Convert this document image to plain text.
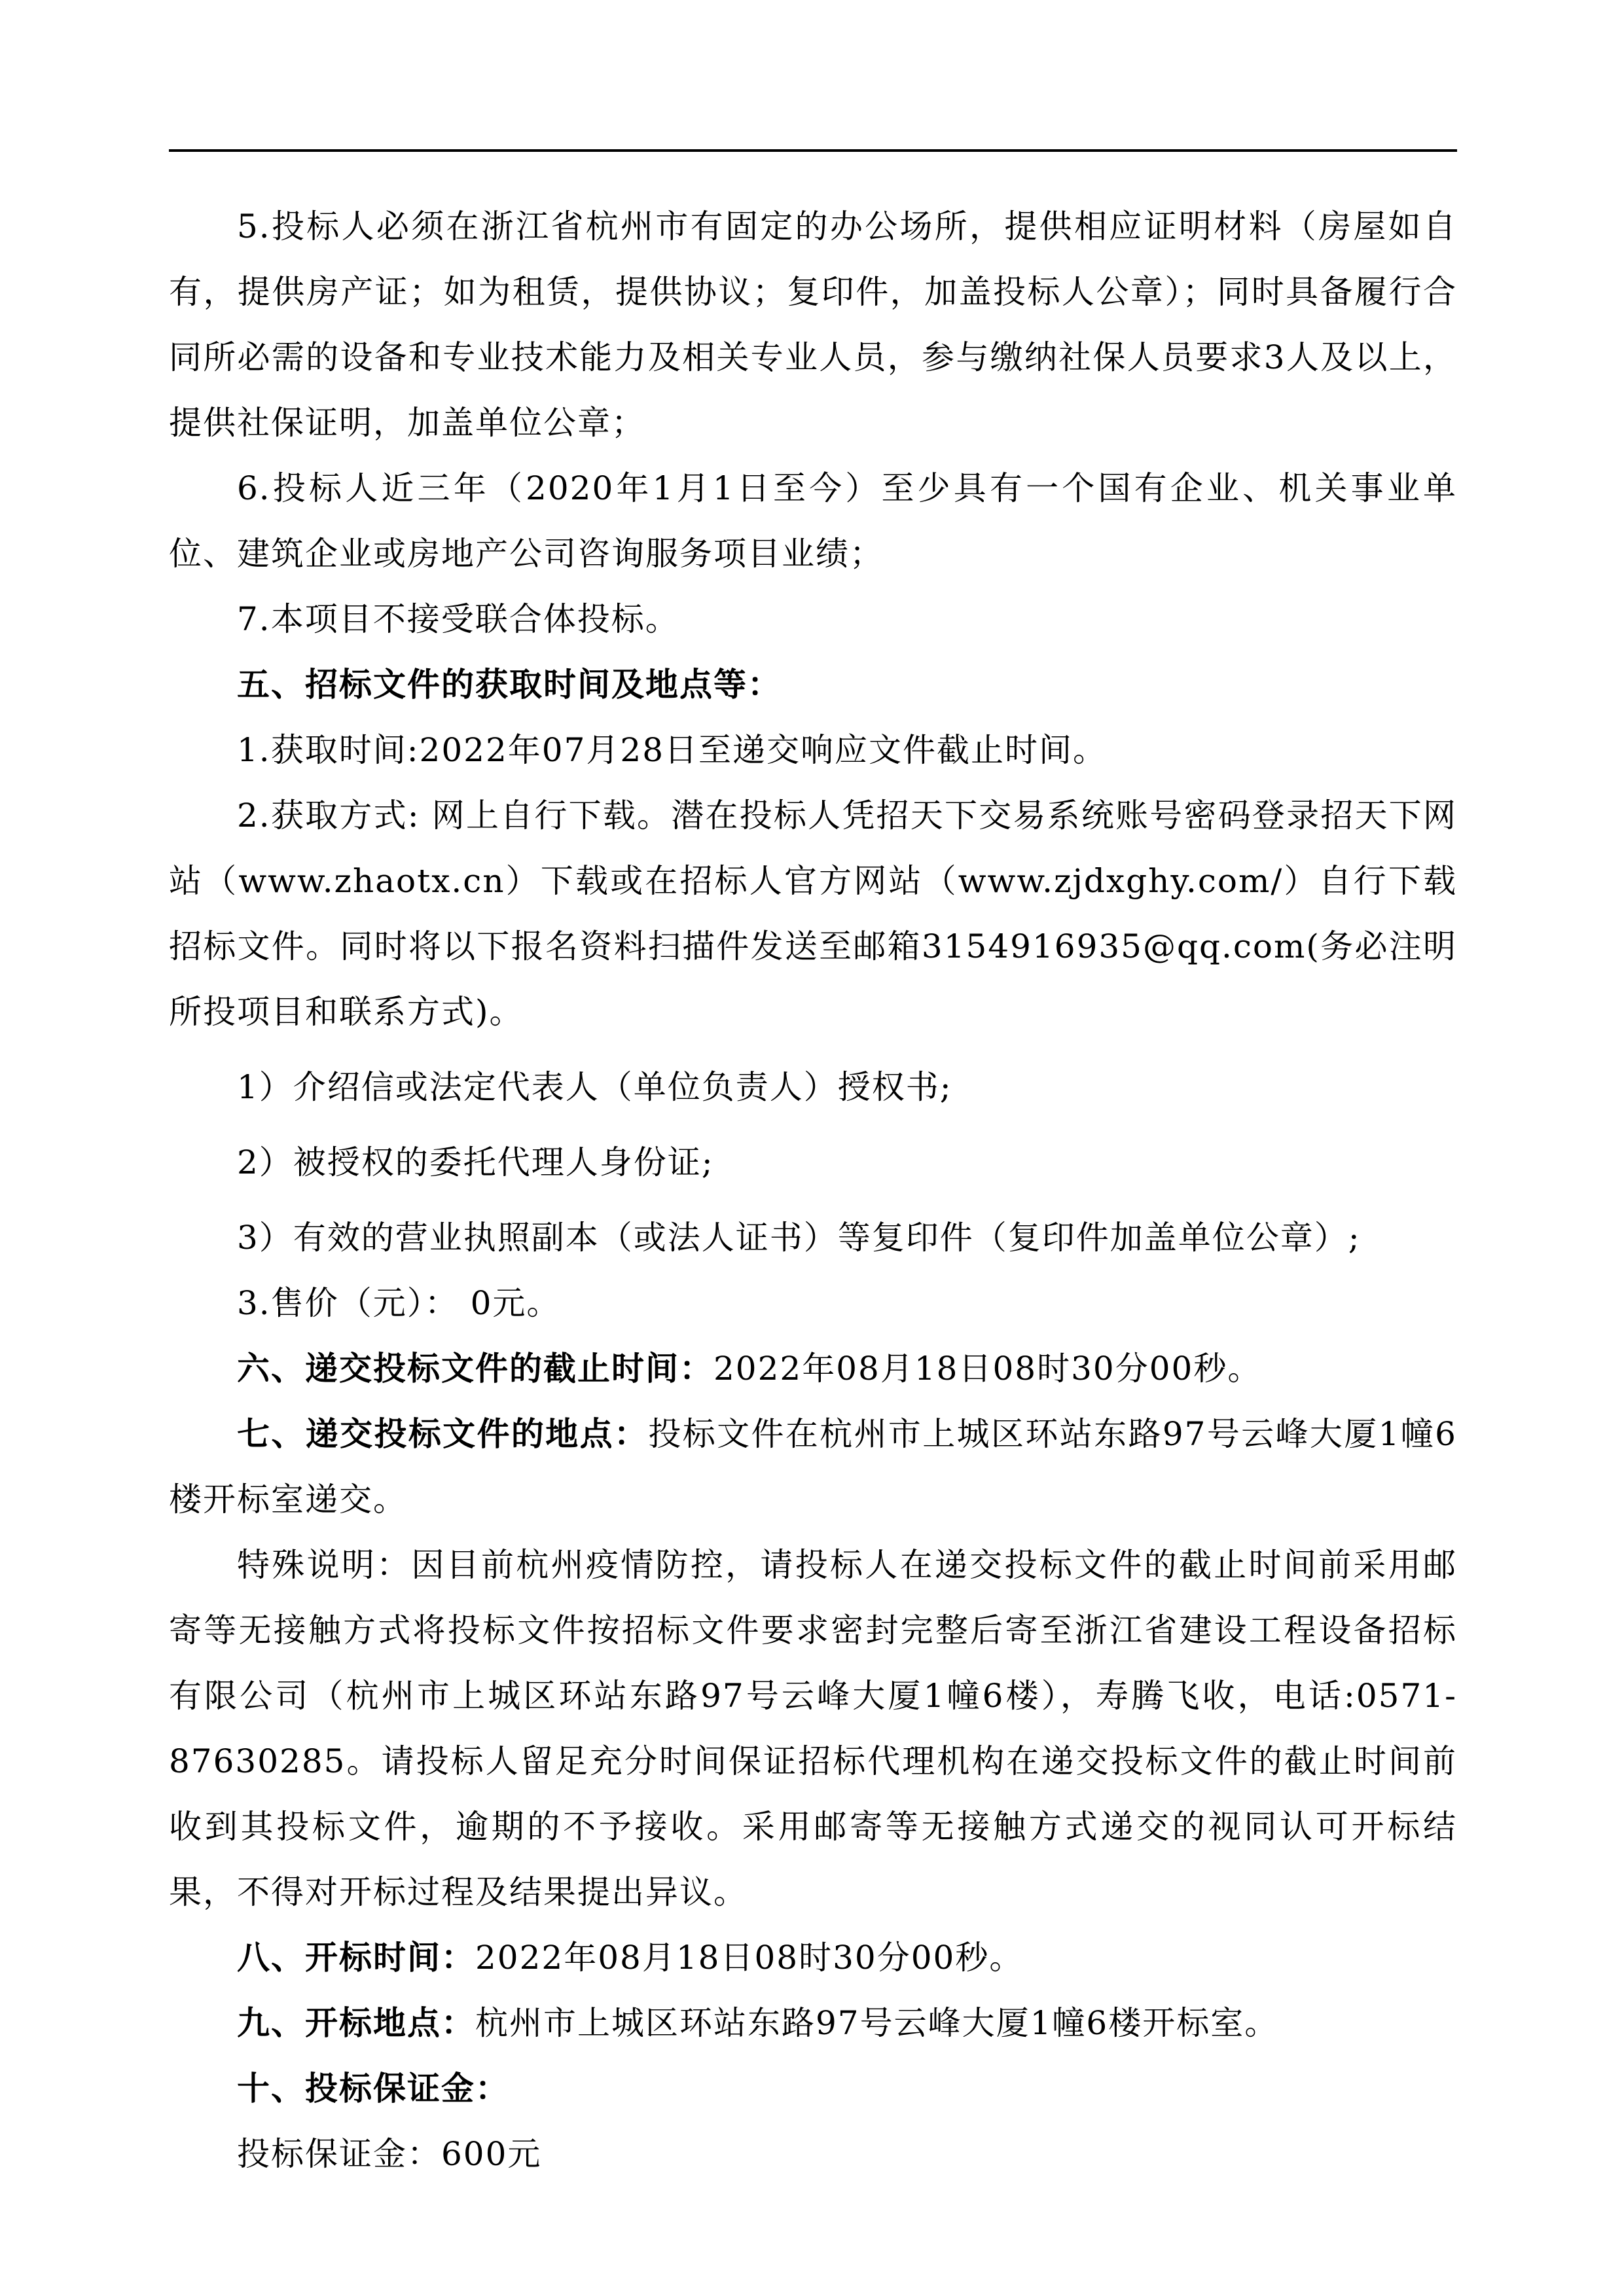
5.投标人必须在浙江省杭州市有固定的办公场所，提供相应证明材料（房屋如自有，提供房产证；如为租赁，提供协议；复印件，加盖投标人公章）；同时具备履行合同所必需的设备和专业技术能力及相关专业人员，参与缴纳社保人员要求3人及以上，提供社保证明，加盖单位公章；

6.投标人近三年（2020年1月1日至今）至少具有一个国有企业、机关事业单位、建筑企业或房地产公司咨询服务项目业绩；

7.本项目不接受联合体投标。

五、招标文件的获取时间及地点等：

1.获取时间:2022年07月28日至递交响应文件截止时间。

2.获取方式: 网上自行下载。潜在投标人凭招天下交易系统账号密码登录招天下网站（www.zhaotx.cn）下载或在招标人官方网站（www.zjdxghy.com/）自行下载招标文件。同时将以下报名资料扫描件发送至邮箱3154916935@qq.com(务必注明所投项目和联系方式)。

1）介绍信或法定代表人（单位负责人）授权书;

2）被授权的委托代理人身份证;

3）有效的营业执照副本（或法人证书）等复印件（复印件加盖单位公章）;

3.售价（元）： 0元。

六、递交投标文件的截止时间：2022年08月18日08时30分00秒。

七、递交投标文件的地点：投标文件在杭州市上城区环站东路97号云峰大厦1幢6楼开标室递交。

特殊说明：因目前杭州疫情防控，请投标人在递交投标文件的截止时间前采用邮寄等无接触方式将投标文件按招标文件要求密封完整后寄至浙江省建设工程设备招标有限公司（杭州市上城区环站东路97号云峰大厦1幢6楼），寿腾飞收，电话:0571-87630285。请投标人留足充分时间保证招标代理机构在递交投标文件的截止时间前收到其投标文件，逾期的不予接收。采用邮寄等无接触方式递交的视同认可开标结果，不得对开标过程及结果提出异议。

八、开标时间：2022年08月18日08时30分00秒。

九、开标地点：杭州市上城区环站东路97号云峰大厦1幢6楼开标室。

十、投标保证金：

投标保证金：600元
